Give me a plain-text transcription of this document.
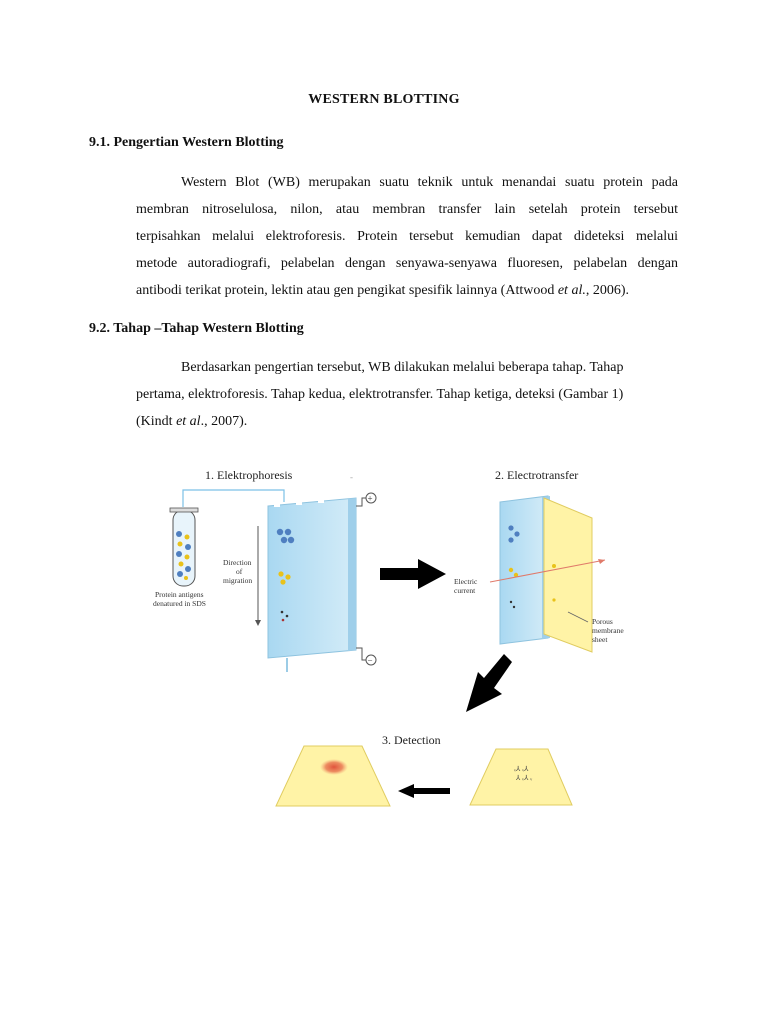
WESTERN BLOTTING
9.1. Pengertian Western Blotting
Western Blot (WB) merupakan suatu teknik untuk menandai suatu protein pada
membran nitroselulosa, nilon, atau membran transfer lain setelah protein tersebut
terpisahkan melalui elektroforesis. Protein tersebut kemudian dapat dideteksi melalui
metode autoradiografi, pelabelan dengan senyawa-senyawa fluoresen, pelabelan dengan
antibodi terikat protein, lektin atau gen pengikat spesifik lainnya (Attwood et al., 2006).
9.2. Tahap –Tahap Western Blotting
Berdasarkan pengertian tersebut, WB dilakukan melalui beberapa tahap. Tahap
pertama, elektroforesis. Tahap kedua, elektrotransfer. Tahap ketiga, deteksi (Gambar 1)
(Kindt et al., 2007).
1. Elektrophoresis
Protein antigens
denatured in SDS
Direction
of
migration
+
−
-	2. Electrotransfer
Electric
current
Porous
membrane
sheet
3. Detection
ᵥ⅄ ᵥ⅄
⅄ ᵥ⅄ ᵥ
